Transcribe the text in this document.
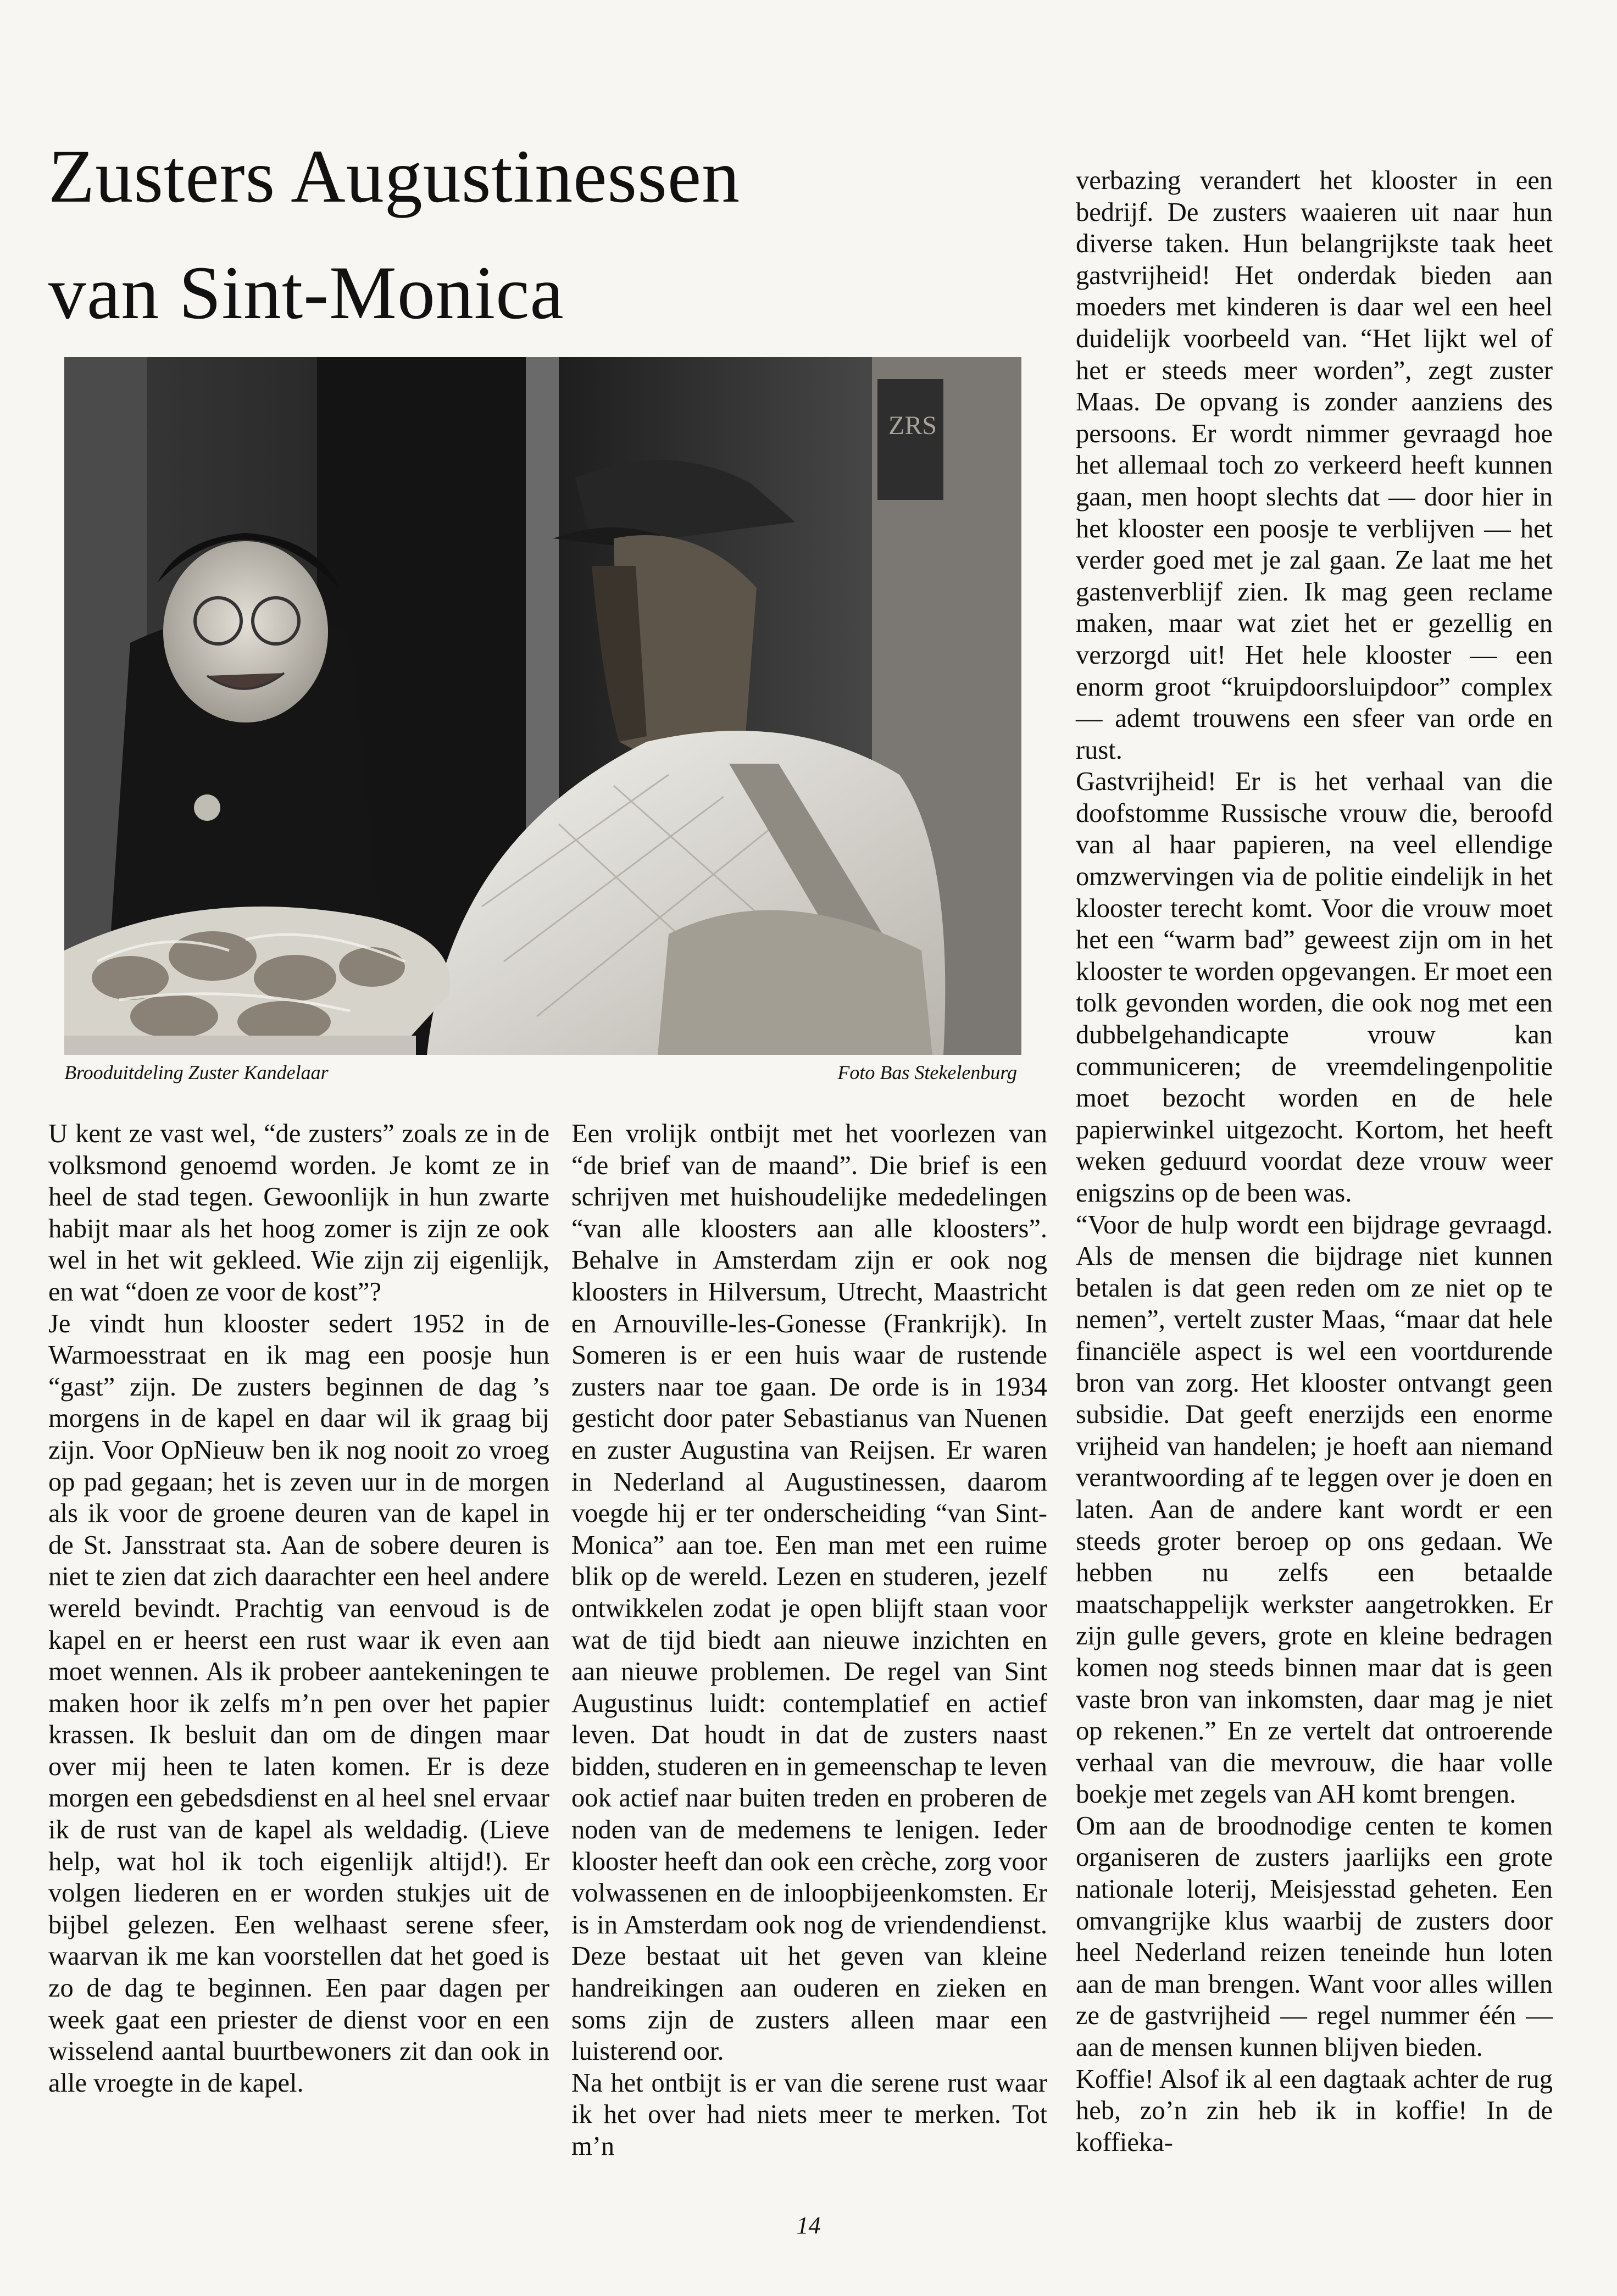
Zusters Augustinessen
van Sint-Monica
ZRS
Brooduitdeling Zuster Kandelaar	Foto Bas Stekelenburg

U kent ze vast wel, “de zusters” zoals ze in de volksmond genoemd worden. Je komt ze in heel de stad tegen. Gewoonlijk in hun zwarte habijt maar als het hoog zomer is zijn ze ook wel in het wit gekleed. Wie zijn zij eigenlijk, en wat “doen ze voor de kost”?

Je vindt hun klooster sedert 1952 in de Warmoesstraat en ik mag een poosje hun “gast” zijn. De zusters beginnen de dag ’s morgens in de kapel en daar wil ik graag bij zijn. Voor OpNieuw ben ik nog nooit zo vroeg op pad gegaan; het is zeven uur in de morgen als ik voor de groene deuren van de kapel in de St. Jansstraat sta. Aan de sobere deuren is niet te zien dat zich daarachter een heel andere wereld bevindt. Prachtig van eenvoud is de kapel en er heerst een rust waar ik even aan moet wennen. Als ik probeer aantekeningen te maken hoor ik zelfs m’n pen over het papier krassen. Ik besluit dan om de dingen maar over mij heen te laten komen. Er is deze morgen een gebedsdienst en al heel snel ervaar ik de rust van de kapel als weldadig. (Lieve help, wat hol ik toch eigenlijk altijd!). Er volgen liederen en er worden stukjes uit de bijbel gelezen. Een welhaast serene sfeer, waarvan ik me kan voorstellen dat het goed is zo de dag te beginnen. Een paar dagen per week gaat een priester de dienst voor en een wisselend aantal buurtbewoners zit dan ook in alle vroegte in de kapel.

Een vrolijk ontbijt met het voorlezen van “de brief van de maand”. Die brief is een schrijven met huishoudelijke mededelingen “van alle kloosters aan alle kloosters”. Behalve in Amsterdam zijn er ook nog kloosters in Hilversum, Utrecht, Maastricht en Arnouville-les-Gonesse (Frankrijk). In Someren is er een huis waar de rustende zusters naar toe gaan. De orde is in 1934 gesticht door pater Sebastianus van Nuenen en zuster Augustina van Reijsen. Er waren in Nederland al Augustinessen, daarom voegde hij er ter onderscheiding “van Sint-Monica” aan toe. Een man met een ruime blik op de wereld. Lezen en studeren, jezelf ontwikkelen zodat je open blijft staan voor wat de tijd biedt aan nieuwe inzichten en aan nieuwe problemen. De regel van Sint Augustinus luidt: contemplatief en actief leven. Dat houdt in dat de zusters naast bidden, studeren en in gemeenschap te leven ook actief naar buiten treden en proberen de noden van de medemens te lenigen. Ieder klooster heeft dan ook een crèche, zorg voor volwassenen en de inloopbijeenkomsten. Er is in Amsterdam ook nog de vriendendienst. Deze bestaat uit het geven van kleine handreikingen aan ouderen en zieken en soms zijn de zusters alleen maar een luisterend oor.

Na het ontbijt is er van die serene rust waar ik het over had niets meer te merken. Tot m’n

verbazing verandert het klooster in een bedrijf. De zusters waaieren uit naar hun diverse taken. Hun belangrijkste taak heet gastvrijheid! Het onderdak bieden aan moeders met kinderen is daar wel een heel duidelijk voorbeeld van. “Het lijkt wel of het er steeds meer worden”, zegt zuster Maas. De opvang is zonder aanziens des persoons. Er wordt nimmer gevraagd hoe het allemaal toch zo verkeerd heeft kunnen gaan, men hoopt slechts dat — door hier in het klooster een poosje te verblijven — het verder goed met je zal gaan. Ze laat me het gastenverblijf zien. Ik mag geen reclame maken, maar wat ziet het er gezellig en verzorgd uit! Het hele klooster — een enorm groot “kruipdoorsluipdoor” complex — ademt trouwens een sfeer van orde en rust.

Gastvrijheid! Er is het verhaal van die doofstomme Russische vrouw die, beroofd van al haar papieren, na veel ellendige omzwervingen via de politie eindelijk in het klooster terecht komt. Voor die vrouw moet het een “warm bad” geweest zijn om in het klooster te worden opgevangen. Er moet een tolk gevonden worden, die ook nog met een dubbelgehandicapte vrouw kan communiceren; de vreemdelingenpolitie moet bezocht worden en de hele papierwinkel uitgezocht. Kortom, het heeft weken geduurd voordat deze vrouw weer enigszins op de been was.

“Voor de hulp wordt een bijdrage gevraagd. Als de mensen die bijdrage niet kunnen betalen is dat geen reden om ze niet op te nemen”, vertelt zuster Maas, “maar dat hele financiële aspect is wel een voortdurende bron van zorg. Het klooster ontvangt geen subsidie. Dat geeft enerzijds een enorme vrijheid van handelen; je hoeft aan niemand verantwoording af te leggen over je doen en laten. Aan de andere kant wordt er een steeds groter beroep op ons gedaan. We hebben nu zelfs een betaalde maatschappelijk werkster aangetrokken. Er zijn gulle gevers, grote en kleine bedragen komen nog steeds binnen maar dat is geen vaste bron van inkomsten, daar mag je niet op rekenen.” En ze vertelt dat ontroerende verhaal van die mevrouw, die haar volle boekje met zegels van AH komt brengen.

Om aan de broodnodige centen te komen organiseren de zusters jaarlijks een grote nationale loterij, Meisjesstad geheten. Een omvangrijke klus waarbij de zusters door heel Nederland reizen teneinde hun loten aan de man brengen. Want voor alles willen ze de gastvrijheid — regel nummer één — aan de mensen kunnen blijven bieden.

Koffie! Alsof ik al een dagtaak achter de rug heb, zo’n zin heb ik in koffie! In de koffieka-

14
